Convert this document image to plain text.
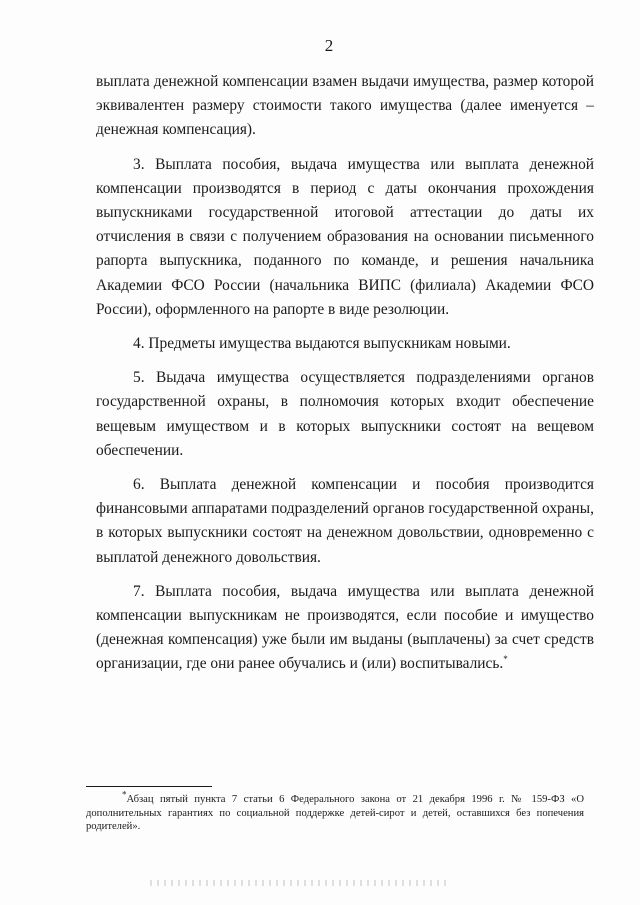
2

выплата денежной компенсации взамен выдачи имущества, размер которой эквивалентен размеру стоимости такого имущества (далее именуется – денежная компенсация).

3. Выплата пособия, выдача имущества или выплата денежной компенсации производятся в период с даты окончания прохождения выпускниками государственной итоговой аттестации до даты их отчисления в связи с получением образования на основании письменного рапорта выпускника, поданного по команде, и решения начальника Академии ФСО России (начальника ВИПС (филиала) Академии ФСО России), оформленного на рапорте в виде резолюции.

4. Предметы имущества выдаются выпускникам новыми.

5. Выдача имущества осуществляется подразделениями органов государственной охраны, в полномочия которых входит обеспечение вещевым имуществом и в которых выпускники состоят на вещевом обеспечении.

6. Выплата денежной компенсации и пособия производится финансовыми аппаратами подразделений органов государственной охраны, в которых выпускники состоят на денежном довольствии, одновременно с выплатой денежного довольствия.

7. Выплата пособия, выдача имущества или выплата денежной компенсации выпускникам не производятся, если пособие и имущество (денежная компенсация) уже были им выданы (выплачены) за счет средств организации, где они ранее обучались и (или) воспитывались.*

*Абзац пятый пункта 7 статьи 6 Федерального закона от 21 декабря 1996 г. № 159-ФЗ «О дополнительных гарантиях по социальной поддержке детей-сирот и детей, оставшихся без попечения родителей».
